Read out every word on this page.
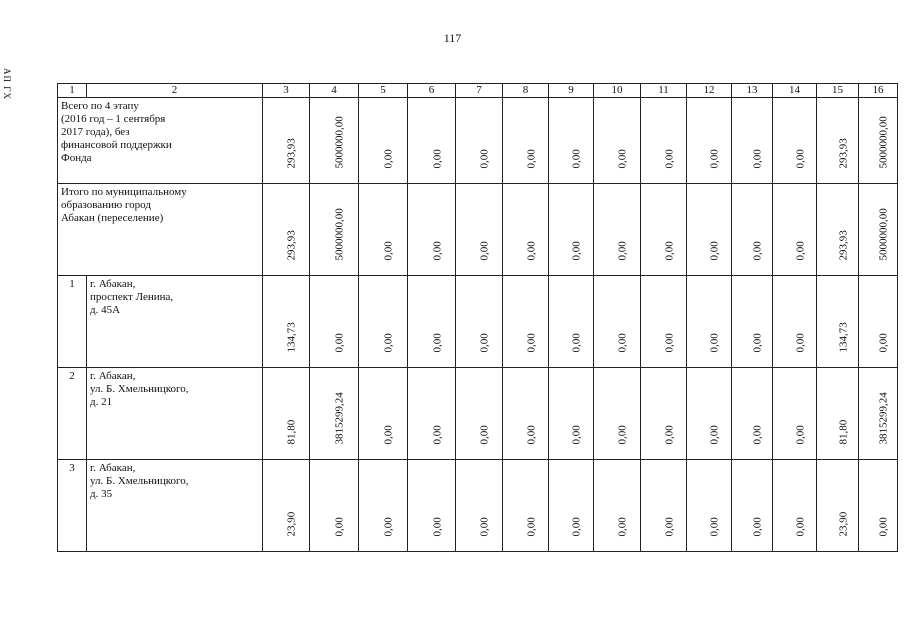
117
АП ГХ	1	2	3	4	5	6	7	8	9	10	11	12	13	14	15	16

Всего по 4 этапу
(2016 год – 1 сентября
2017 года), без
финансовой поддержки
Фонда		293,93	5000000,00	0,00	0,00	0,00	0,00	0,00	0,00	0,00	0,00	0,00	0,00	293,93	5000000,00

Итого по муниципальному
образованию город
Абакан (переселение)		293,93	5000000,00	0,00	0,00	0,00	0,00	0,00	0,00	0,00	0,00	0,00	0,00	293,93	5000000,00

1	г. Абакан,
проспект Ленина,
д. 45А	134,73	0,00	0,00	0,00	0,00	0,00	0,00	0,00	0,00	0,00	0,00	0,00	134,73	0,00

2	г. Абакан,
ул. Б. Хмельницкого,
д. 21	81,80	3815299,24	0,00	0,00	0,00	0,00	0,00	0,00	0,00	0,00	0,00	0,00	81,80	3815299,24

3	г. Абакан,
ул. Б. Хмельницкого,
д. 35	23,90	0,00	0,00	0,00	0,00	0,00	0,00	0,00	0,00	0,00	0,00	0,00	23,90	0,00
